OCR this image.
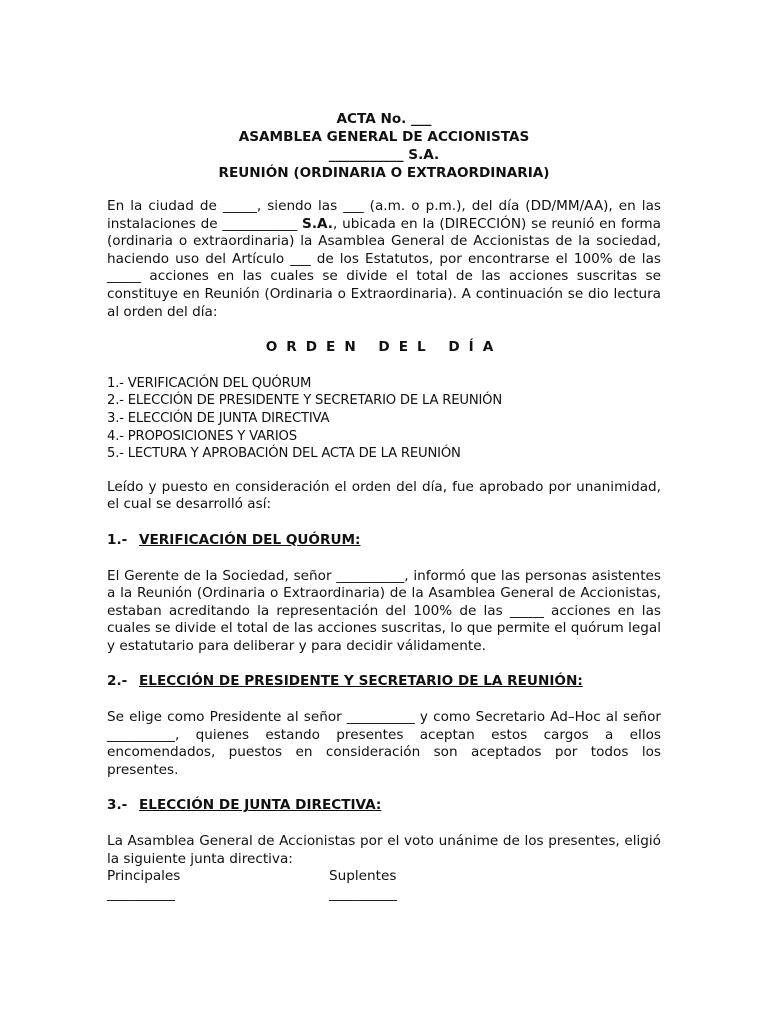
ACTA No. ___
ASAMBLEA GENERAL DE ACCIONISTAS
___________ S.A.
REUNIÓN (ORDINARIA O EXTRAORDINARIA)

En la ciudad de _____, siendo las ___ (a.m. o p.m.), del día (DD/MM/AA), en las instalaciones de ___________ S.A., ubicada en la (DIRECCIÓN) se reunió en forma (ordinaria o extraordinaria) la Asamblea General de Accionistas de la sociedad, haciendo uso del Artículo ___ de los Estatutos, por encontrarse el 100% de las _____ acciones en las cuales se divide el total de las acciones suscritas se constituye en Reunión (Ordinaria o Extraordinaria). A continuación se dio lectura al orden del día:

ORDEN DEL DÍA

1.- VERIFICACIÓN DEL QUÓRUM
2.- ELECCIÓN DE PRESIDENTE Y SECRETARIO DE LA REUNIÓN
3.- ELECCIÓN DE JUNTA DIRECTIVA
4.- PROPOSICIONES Y VARIOS
5.- LECTURA Y APROBACIÓN DEL ACTA DE LA REUNIÓN

Leído y puesto en consideración el orden del día, fue aprobado por unanimidad, el cual se desarrolló así:

1.- VERIFICACIÓN DEL QUÓRUM:

El Gerente de la Sociedad, señor __________, informó que las personas asistentes a la Reunión (Ordinaria o Extraordinaria) de la Asamblea General de Accionistas, estaban acreditando la representación del 100% de las _____ acciones en las cuales se divide el total de las acciones suscritas, lo que permite el quórum legal y estatutario para deliberar y para decidir válidamente.

2.- ELECCIÓN DE PRESIDENTE Y SECRETARIO DE LA REUNIÓN:

Se elige como Presidente al señor __________ y como Secretario Ad–Hoc al señor __________, quienes estando presentes aceptan estos cargos a ellos encomendados, puestos en consideración son aceptados por todos los presentes.

3.- ELECCIÓN DE JUNTA DIRECTIVA:

La Asamblea General de Accionistas por el voto unánime de los presentes, eligió la siguiente junta directiva:

Principales
__________
Suplentes
__________
